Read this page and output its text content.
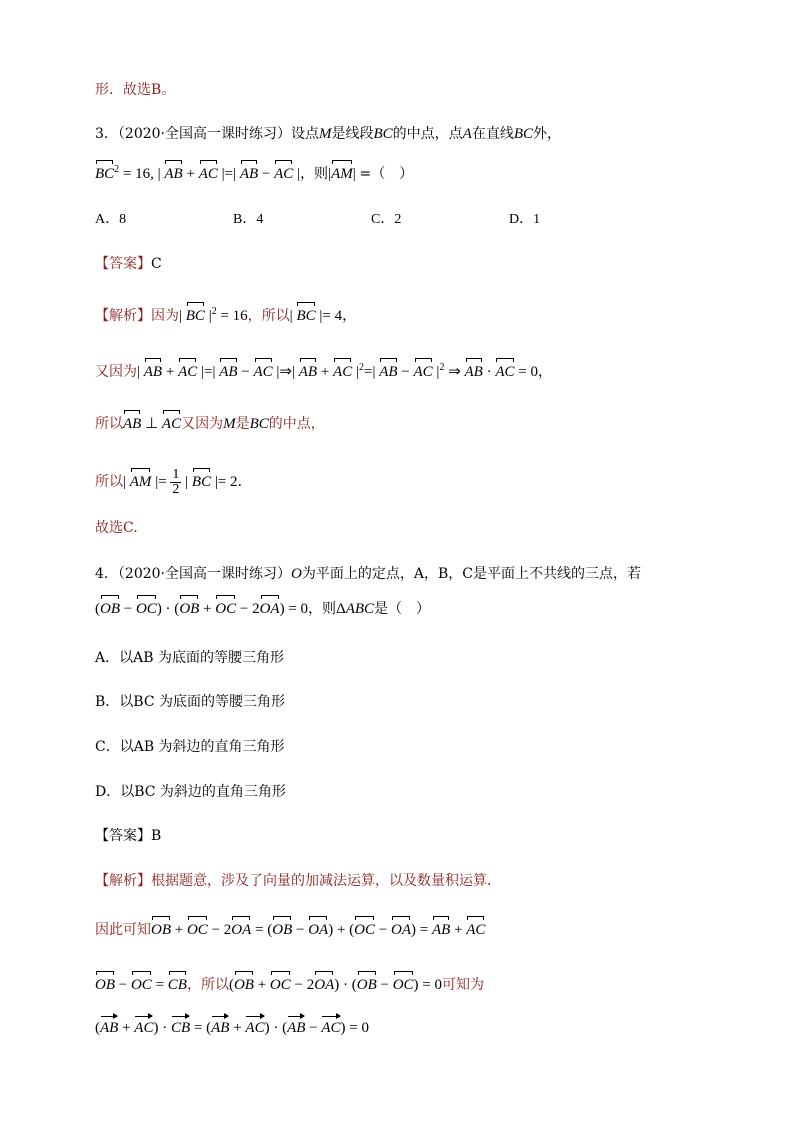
形．故选B。
3．（2020·全国高一课时练习）设点M是线段BC的中点，点A在直线BC外，
$BC^2 = 16$, | AB + AC |=| AB − AC |，则|AM| =（　）
A．8	B．4	C．2	D．1
【答案】C
【解析】因为| BC $|^2 = 16$，所以| BC |= 4，
又因为| AB + AC |=| AB − AC |⇒| AB + AC $|^2=|$ AB − AC $|^2$ ⇒ AB · AC = 0，
所以AB ⊥ AC又因为M是BC的中点，
所以| AM |= $\frac{1}{2}$ | BC |= 2．
故选C.
4．（2020·全国高一课时练习）O为平面上的定点，A，B，C是平面上不共线的三点，若
(OB − OC) · (OB + OC − 2OA) = 0，则ΔABC是（　）
A．以AB 为底面的等腰三角形
B．以BC 为底面的等腰三角形
C．以AB 为斜边的直角三角形
D．以BC 为斜边的直角三角形
【答案】B
【解析】根据题意，涉及了向量的加减法运算，以及数量积运算．
因此可知OB + OC − 2OA = (OB − OA) + (OC − OA) = AB + AC
OB − OC = CB，所以(OB + OC − 2OA) · (OB − OC) = 0可知为
(AB + AC) · CB = (AB + AC) · (AB − AC) = 0
